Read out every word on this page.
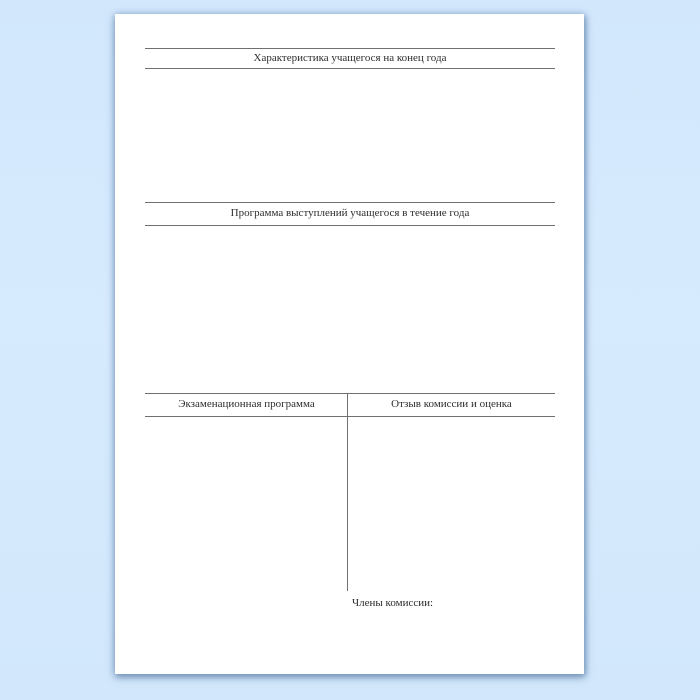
Характеристика учащегося на конец года
Программа выступлений учащегося в течение года
Экзаменационная программа	Отзыв комиссии и оценка
Члены комиссии:
